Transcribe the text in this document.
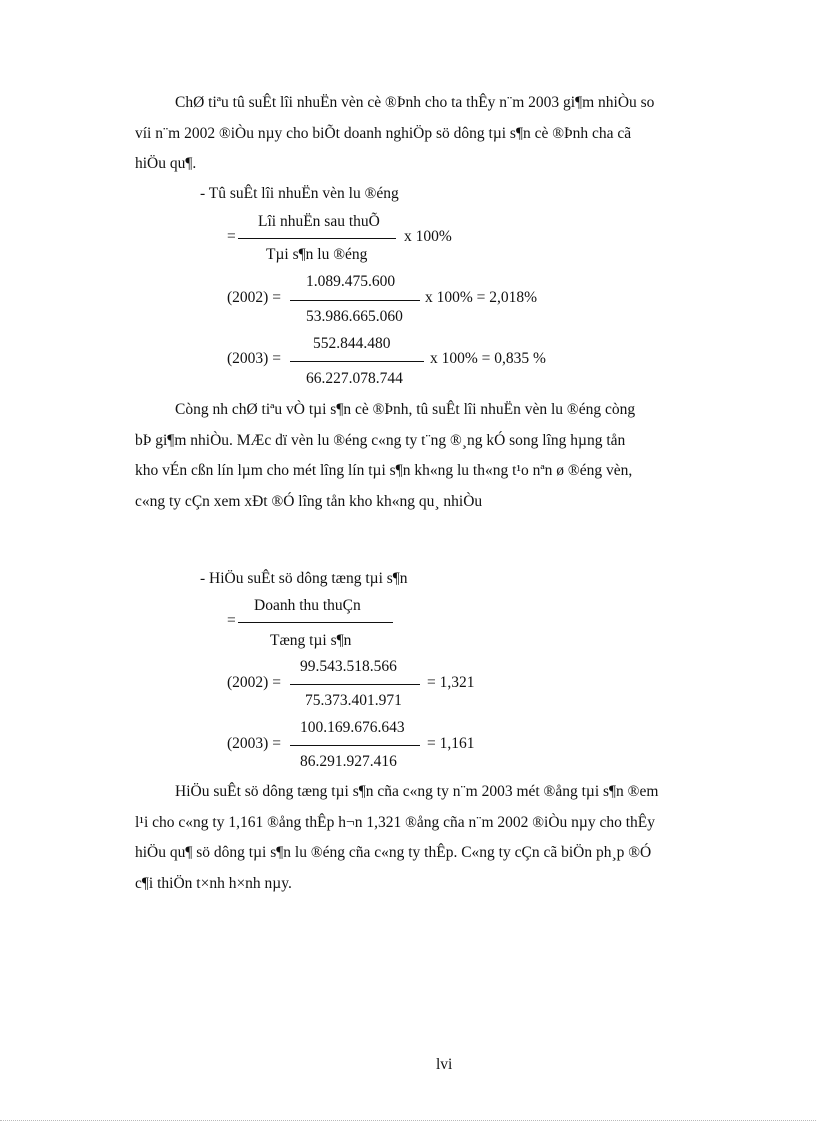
ChØ tiªu tû suÊt lîi nhuËn vèn cè ®Þnh cho ta thÊy n¨m 2003 gi¶m nhiÒu so

víi n¨m 2002 ®iÒu nµy cho biÕt doanh nghiÖp sö dông tµi s¶n cè ®Þnh cha cã

hiÖu qu¶.

- Tû suÊt lîi nhuËn vèn lu ®éng
Lîi nhuËn sau thuÕ
=	x 100%
Tµi s¶n lu ®éng
1.089.475.600
(2002) =	x 100% = 2,018%
53.986.665.060
552.844.480
(2003) =	x 100% = 0,835 %
66.227.078.744

Còng nh chØ tiªu vÒ tµi s¶n cè ®Þnh, tû suÊt lîi nhuËn vèn lu ®éng còng

bÞ gi¶m nhiÒu. MÆc dï vèn lu ®éng c«ng ty t¨ng ®¸ng kÓ song lîng hµng tån

kho vÉn cßn lín lµm cho mét lîng lín tµi s¶n kh«ng lu th«ng t¹o nªn ø ®éng vèn,

c«ng ty cÇn xem xÐt ®Ó lîng tån kho kh«ng qu¸ nhiÒu

- HiÖu suÊt sö dông tæng tµi s¶n
Doanh thu thuÇn
=
Tæng tµi s¶n
99.543.518.566
(2002) =	= 1,321
75.373.401.971
100.169.676.643
(2003) =	= 1,161
86.291.927.416

HiÖu suÊt sö dông tæng tµi s¶n cña c«ng ty n¨m 2003 mét ®ång tµi s¶n ®em

l¹i cho c«ng ty 1,161 ®ång thÊp h¬n 1,321 ®ång cña n¨m 2002 ®iÒu nµy cho thÊy

hiÖu qu¶ sö dông tµi s¶n lu ®éng cña c«ng ty thÊp. C«ng ty cÇn cã biÖn ph¸p ®Ó

c¶i thiÖn t×nh h×nh nµy.

lvi
